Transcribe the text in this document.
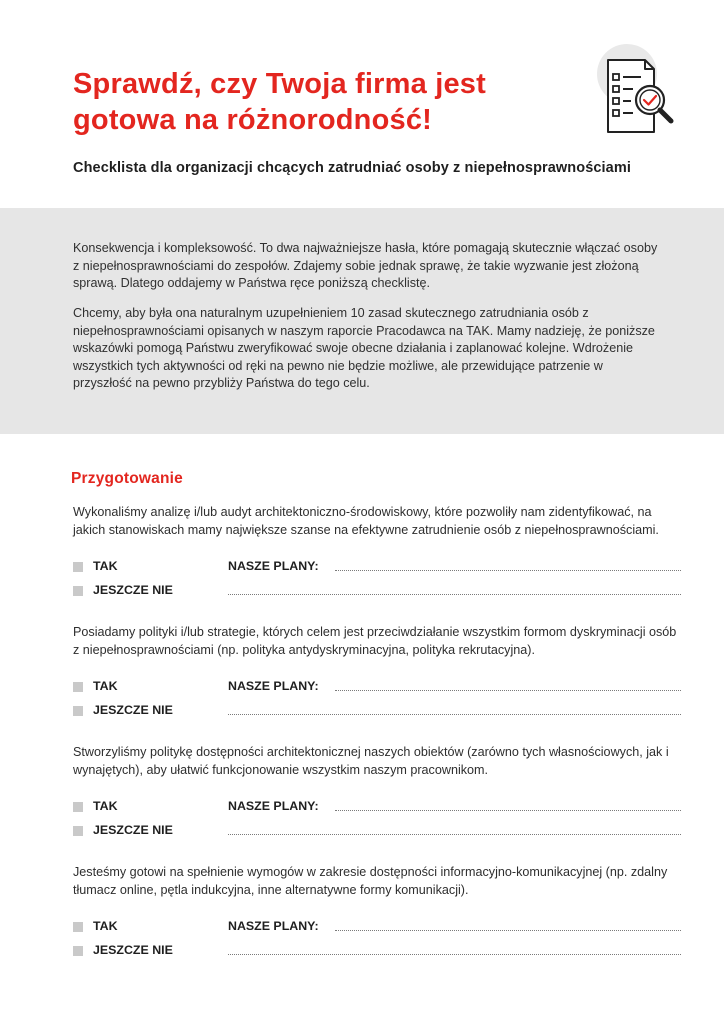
Sprawdź, czy Twoja firma jest
gotowa na różnorodność!
Checklista dla organizacji chcących zatrudniać osoby z niepełnosprawnościami

Konsekwencja i kompleksowość. To dwa najważniejsze hasła, które pomagają skutecznie włączać osoby z niepełnosprawnościami do zespołów. Zdajemy sobie jednak sprawę, że takie wyzwanie jest złożoną sprawą. Dlatego oddajemy w Państwa ręce poniższą checklistę.

Chcemy, aby była ona naturalnym uzupełnieniem 10 zasad skutecznego zatrudniania osób z niepełnosprawnościami opisanych w naszym raporcie Pracodawca na TAK. Mamy nadzieję, że poniższe wskazówki pomogą Państwu zweryfikować swoje obecne działania i zaplanować kolejne. Wdrożenie wszystkich tych aktywności od ręki na pewno nie będzie możliwe, ale przewidujące patrzenie w przyszłość na pewno przybliży Państwa do tego celu.

Przygotowanie
Wykonaliśmy analizę i/lub audyt architektoniczno-środowiskowy, które pozwoliły nam zidentyfikować, na jakich stanowiskach mamy największe szanse na efektywne zatrudnienie osób z niepełnosprawnościami.
TAK	NASZE PLANY:
JESZCZE NIE
Posiadamy polityki i/lub strategie, których celem jest przeciwdziałanie wszystkim formom dyskryminacji osób z niepełnosprawnościami (np. polityka antydyskryminacyjna, polityka rekrutacyjna).
TAK	NASZE PLANY:
JESZCZE NIE
Stworzyliśmy politykę dostępności architektonicznej naszych obiektów (zarówno tych własnościowych, jak i wynajętych), aby ułatwić funkcjonowanie wszystkim naszym pracownikom.
TAK	NASZE PLANY:
JESZCZE NIE
Jesteśmy gotowi na spełnienie wymogów w zakresie dostępności informacyjno-komunikacyjnej (np. zdalny tłumacz online, pętla indukcyjna, inne alternatywne formy komunikacji).
TAK	NASZE PLANY:
JESZCZE NIE
